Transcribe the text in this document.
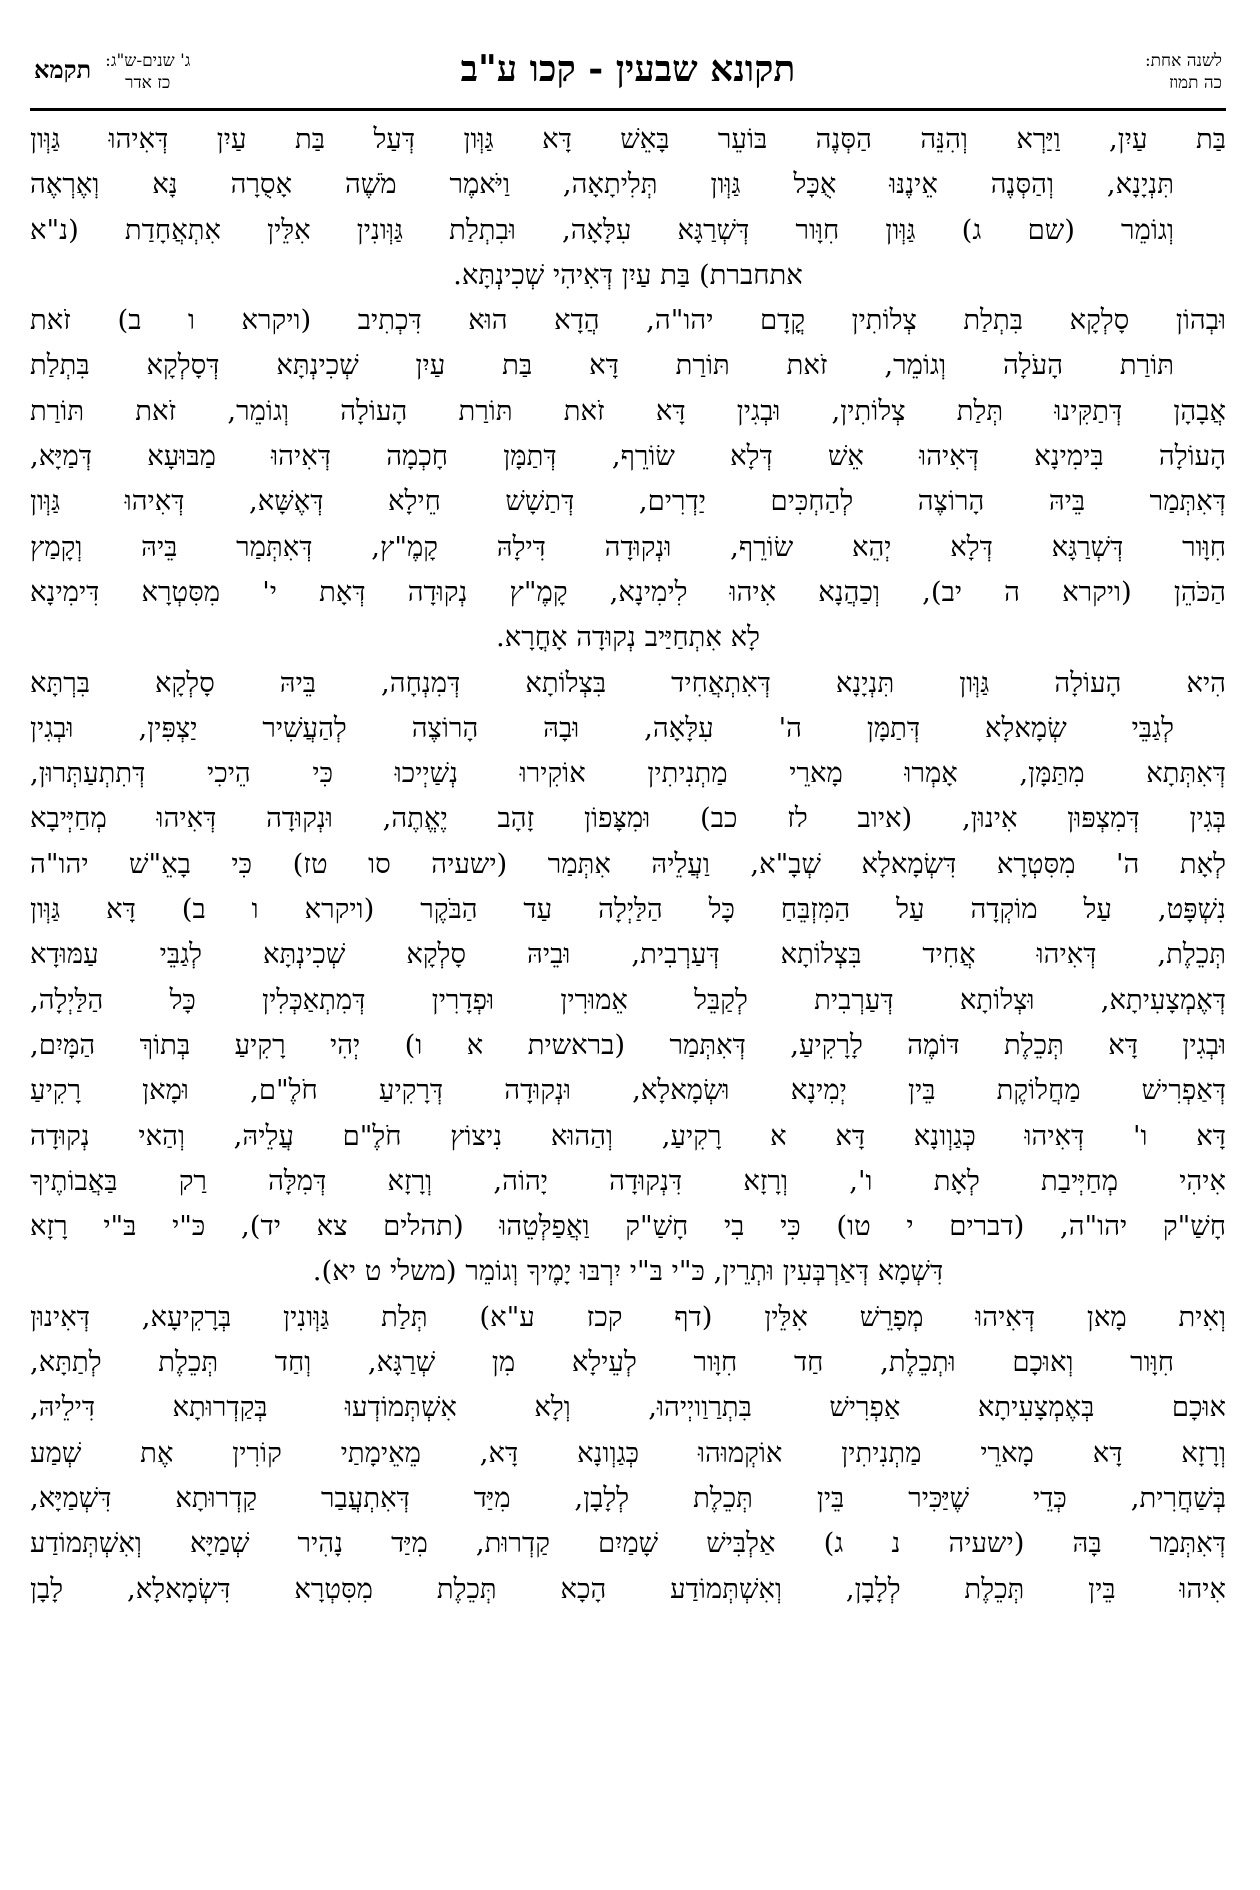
לשנה אחת:
כה תמוז
תקונא שבעין - קכו ע"ב
ג' שנים-ש"ג:
כז אדר
תקמא
בַּת עַיִן, וַיַּרְא וְהִנֵּה הַסְּנֶה בּוֹעֵר בָּאֵשׁ דָּא גַּוְּון דְּעַל בַּת עַיִן דְּאִיהוּ גַּוְּון
תִּנְיָנָא, וְהַסְּנֶה אֵינֶנּוּ אֻכָּל גַּוְּון תְּלִיתָאָה, וַיֹּאמֶר מֹשֶׁה אָסֻרָה נָּא וְאֶרְאֶה
וְגוֹמֵר (שם ג) גַּוְּון חִוָּור דְּשְׁרַגָּא עִלָּאָה, וּבִתְלַת גַּוְּונִין אִלֵּין אִתְאֲחָדַת (נ"א
אתחברת) בַּת עַיִן דְּאִיהִי שְׁכִינְתָּא.
וּבְהוֹן סָלְקָא בִּתְלַת צְלוֹתִין קֳדָם יהו"ה, הֲדָא הוּא דִּכְתִיב (ויקרא ו ב) זֹאת
תּוֹרַת הָעֹלָה וְגוֹמֵר, זֹאת תּוֹרַת דָּא בַּת עַיִן שְׁכִינְתָּא דְּסָלְקָא בִּתְלַת
אֲבָהָן דְּתַקִּינוּ תְּלַת צְלוֹתִין, וּבְגִין דָּא זֹאת תּוֹרַת הָעוֹלָה וְגוֹמֵר, זֹאת תּוֹרַת
הָעוֹלָה בִּימִינָא דְּאִיהוּ אֵשׁ דְּלָא שׂוֹרֵף, דְּתַמָּן חָכְמָה דְּאִיהוּ מַבּוּעָא דְּמַיָּא,
דְּאִתְּמַר בֵּיהּ הָרוֹצֶה לְהַחְכִּים יַדְרִים, דְּתַשָׁשׁ חֵילָא דְּאֶשָּׁא, דְּאִיהוּ גַּוְּון
חִוָּור דְּשְׁרַגָּא דְּלָא יְהֵא שׂוֹרֵף, וּנְקוּדָה דִּילָהּ קָמֶ"ץ, דְּאִתְּמַר בֵּיהּ וְקָמַץ
הַכֹּהֵן (ויקרא ה יב), וְכַהֲנָא אִיהוּ לִימִינָא, קָמֶ"ץ נְקוּדָה דְּאָת י' מִסִּטְרָא דִּימִינָא
לָא אִתְחַיַּיב נְקוּדָה אָחֳרָא.
הִיא הָעוֹלָה גַּוְּון תִּנְיָנָא דְּאִתְאֲחִיד בִּצְלוֹתָא דְּמִנְחָה, בֵּיהּ סָלְקָא בִּרְתָּא
לְגַבֵּי שְׂמָאלָא דְּתַמָּן ה' עִלָּאָה, וּבָהּ הָרוֹצֶה לְהַעֲשִׁיר יַצְפִּין, וּבְגִין
דְּאִתְּתָא מִתַּמָּן, אָמְרוּ מָארֵי מַתְנִיתִין אוֹקִירוּ נְשַׁיְיכוּ כִּי הֵיכִי דְּתִתְעַתְּרוּן,
בְּגִין דְּמִצְפּוּן אִינוּן, (איוב לז כב) וּמִצָּפוֹן זָהָב יֶאֱתֶה, וּנְקוּדָה דְּאִיהוּ מְחַיְּיבָא
לְאָת ה' מִסִּטְרָא דִּשְׂמָאלָא שְׁבָ"א, וַעֲלֵיהּ אִתְּמַר (ישעיה סו טז) כִּי בָאֵ"שׁ יהו"ה
נִשְׁפָּט, עַל מוֹקְדָה עַל הַמִּזְבֵּחַ כָּל הַלַּיְלָה עַד הַבֹּקֶר (ויקרא ו ב) דָּא גַּוְּון
תְּכֵלֶת, דְּאִיהוּ אֲחִיד בִּצְלוֹתָא דְּעַרְבִית, וּבֵיהּ סָלְקָא שְׁכִינְתָּא לְגַבֵּי עַמּוּדָא
דְּאֶמְצָעִיתָא, וּצְלוֹתָא דְּעַרְבִית לְקַבֵּל אֵמוּרִין וּפְדָרִין דְּמִתְאַכְּלִין כָּל הַלַּיְלָה,
וּבְגִין דָּא תְּכֵלֶת דּוֹמֶה לָרָקִיעַ, דְּאִתְּמַר (בראשית א ו) יְהִי רָקִיעַ בְּתוֹךְ הַמָּיִם,
דְּאַפְרִישׁ מַחֲלוֹקֶת בֵּין יְמִינָא וּשְׂמָאלָא, וּנְקוּדָה דְּרָקִיעַ חֹלֶ"ם, וּמָאן רָקִיעַ
דָּא ו' דְּאִיהוּ כְּגַוְונָא דָּא ﬡ רָקִיעַ, וְהַהוּא נִיצוֹץ חֹלֶ"ם עֲלֵיהּ, וְהַאי נְקוּדָה
אִיהִי מְחַיְּיבַת לְאָת ו', וְרָזָא דִּנְקוּדָה יָהוֹה, וְרָזָא דְּמִלָּה רַק בַּאֲבוֹתֶיךָ
חָשַׁ"ק יהו"ה, (דברים י טו) כִּי בִי חָשַׁ"ק וַאֲפַלְּטֵהוּ (תהלים צא יד), כּ"י בּ"י רָזָא
דִּשְׁמָא דְּאַרְבְּעִין וּתְרֵין, כּ"י בּ"י יִרְבּוּ יָמֶיךָ וְגוֹמֵר (משלי ט יא).
וְאִית מָאן דְּאִיהוּ מְפָרֵשׁ אִלֵּין (דף קכז ע"א) תְּלַת גַּוְּונִין בְּרָקִיעָא, דְּאִינוּן
חִוָּור וְאוּכָם וּתְכֵלֶת, חַד חִוָּור לְעֵילָא מִן שְׁרַגָּא, וְחַד תְּכֵלֶת לְתַתָּא,
אוּכָם בְּאֶמְצָעִיתָא אַפְרִישׁ בִּתְרַוַויְיהוּ, וְלָא אִשְׁתְּמוֹדְעוּ בְּקַדְרוּתָא דִּילֵיהּ,
וְרָזָא דָּא מָארֵי מַתְנִיתִין אוֹקְמוּהוּ כְּגַוְונָא דָּא, מֵאֵימָתַי קוֹרִין אֶת שְׁמַע
בְּשַׁחֲרִית, כְּדֵי שֶׁיַּכִּיר בֵּין תְּכֵלֶת לְלָבָן, מִיַּד דְּאִתְעֲבַר קַדְרוּתָא דִּשְׁמַיָּא,
דְּאִתְּמַר בָּהּ (ישעיה נ ג) אַלְבִּישׁ שָׁמַיִם קַדְרוּת, מִיַּד נָהִיר שְׁמַיָּא וְאִשְׁתְּמוֹדַע
אִיהוּ בֵּין תְּכֵלֶת לְלָבָן, וְאִשְׁתְּמוֹדַע הָכָא תְּכֵלֶת מִסִּטְרָא דִּשְׂמָאלָא, לָבָן
